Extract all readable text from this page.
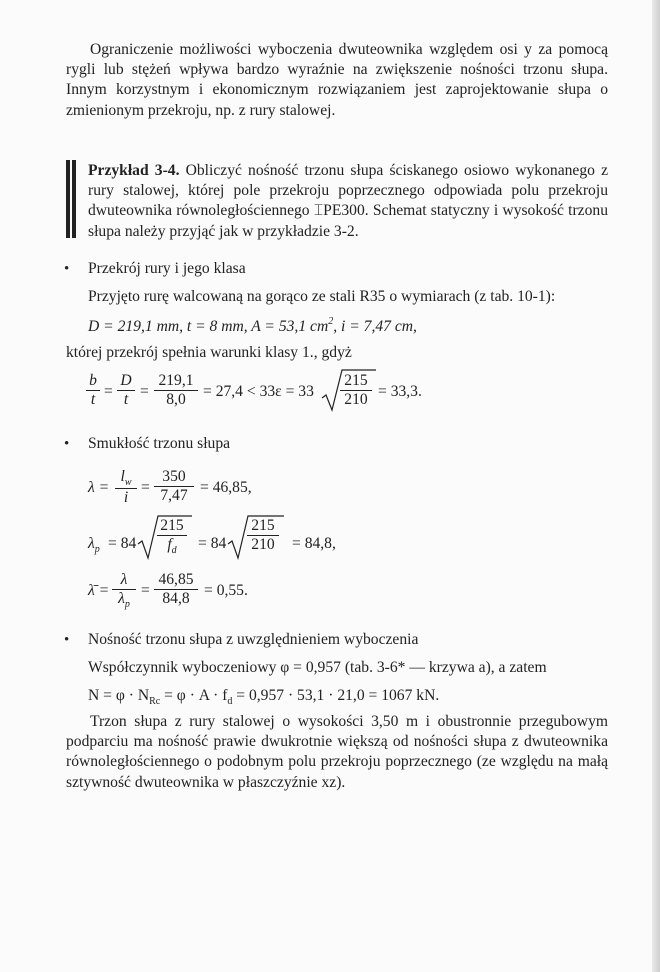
Ograniczenie możliwości wyboczenia dwuteownika względem osi y za pomocą rygli lub stężeń wpływa bardzo wyraźnie na zwiększenie nośności trzonu słupa. Innym korzystnym i ekonomicznym rozwiązaniem jest zaprojektowanie słupa o zmienionym przekroju, np. z rury stalowej.

Przykład 3-4. Obliczyć nośność trzonu słupa ściskanego osiowo wykonanego z rury stalowej, której pole przekroju poprzecznego odpowiada polu przekroju dwuteownika równoległościennego ⌶PE300. Schemat statyczny i wysokość trzonu słupa należy przyjąć jak w przykładzie 3-2.

• Przekrój rury i jego klasa
Przyjęto rurę walcowaną na gorąco ze stali R35 o wymiarach (z tab. 10-1):
D = 219,1 mm, t = 8 mm, A = 53,1 $cm^2$, i = 7,47 cm,
której przekrój spełnia warunki klasy 1., gdyż
$\frac{b}{t} = \frac{D}{t} = \frac{219,1}{8,0} = 27,4 < 33\varepsilon = 33 \frac{215}{210} = 33,3$.
• Smukłość trzonu słupa
$\lambda = \frac{l_w}{i} = \frac{350}{7,47} = 46,85$,
$\lambda_p = 84 \frac{215}{f_d} = 84 \frac{215}{210} = 84,8$,
λ̄ = $\frac{\lambda}{\lambda_p} = \frac{46,85}{84,8} = 0,55$.
• Nośność trzonu słupa z uwzględnieniem wyboczenia
Współczynnik wyboczeniowy φ = 0,957 (tab. 3-6* — krzywa a), a zatem
$N = \varphi \cdot N_{Rc} = \varphi \cdot A \cdot f_d = 0,957 \cdot 53,1 \cdot 21,0 = 1067$ kN.

Trzon słupa z rury stalowej o wysokości 3,50 m i obustronnie przegubowym podparciu ma nośność prawie dwukrotnie większą od nośności słupa z dwuteownika równoległościennego o podobnym polu przekroju poprzecznego (ze względu na małą sztywność dwuteownika w płaszczyźnie xz).
